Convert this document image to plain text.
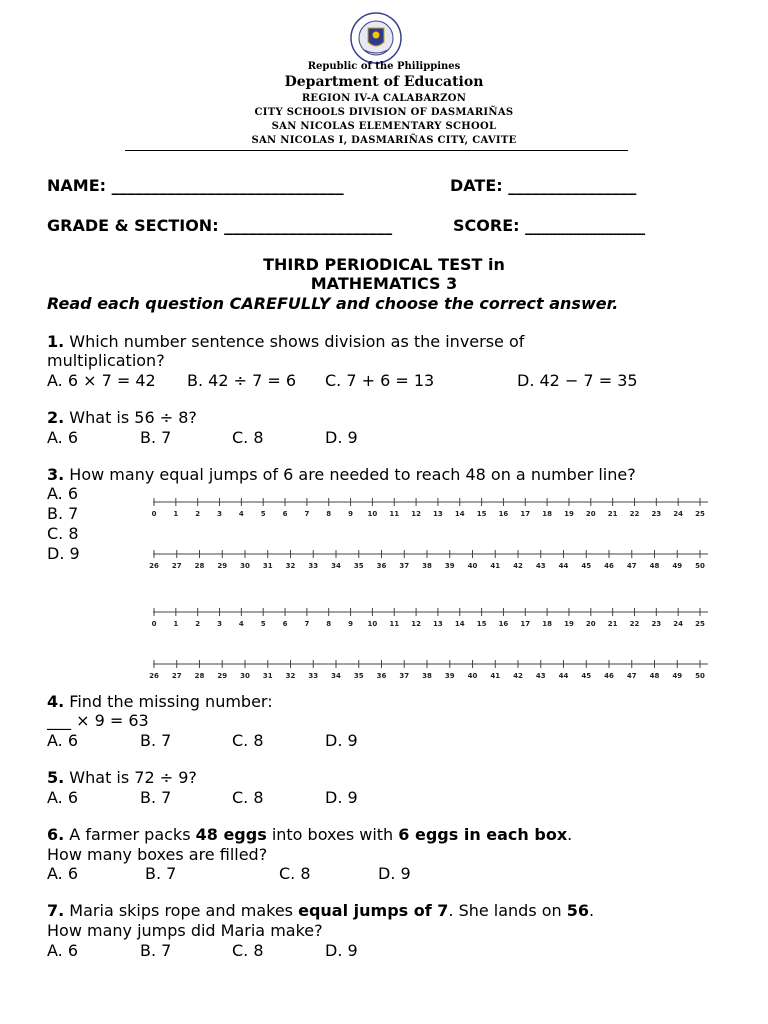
Republic of the Philippines
Department of Education
REGION IV-A CALABARZON
CITY SCHOOLS DIVISION OF DASMARIÑAS
SAN NICOLAS ELEMENTARY SCHOOL
SAN NICOLAS I, DASMARIÑAS CITY, CAVITE
NAME: _____________________________	DATE: ________________
GRADE & SECTION: _____________________	SCORE: _______________
THIRD PERIODICAL TEST in
MATHEMATICS 3
Read each question CAREFULLY and choose the correct answer.
1. Which number sentence shows division as the inverse of
multiplication?
A. 6 × 7 = 42 B. 42 ÷ 7 = 6 C. 7 + 6 = 13	D. 42 − 7 = 35
2. What is 56 ÷ 8?
A. 6	B. 7	C. 8	D. 9
3. How many equal jumps of 6 are needed to reach 48 on a number line?
A. 6
B. 7
C. 8
D. 9
0 1 2 3 4 5 6 7 8 9 10 11 12 13 14 15 16 17 18 19 20 21 22 23 24 25
26 27 28 29 30 31 32 33 34 35 36 37 38 39 40 41 42 43 44 45 46 47 48 49 50
0 1 2 3 4 5 6 7 8 9 10 11 12 13 14 15 16 17 18 19 20 21 22 23 24 25
26 27 28 29 30 31 32 33 34 35 36 37 38 39 40 41 42 43 44 45 46 47 48 49 50
4. Find the missing number:
___ × 9 = 63
A. 6	B. 7	C. 8	D. 9
5. What is 72 ÷ 9?
A. 6	B. 7	C. 8	D. 9
6. A farmer packs 48 eggs into boxes with 6 eggs in each box.
How many boxes are filled?
A. 6	B. 7	C. 8	D. 9
7. Maria skips rope and makes equal jumps of 7. She lands on 56.
How many jumps did Maria make?
A. 6	B. 7	C. 8	D. 9
